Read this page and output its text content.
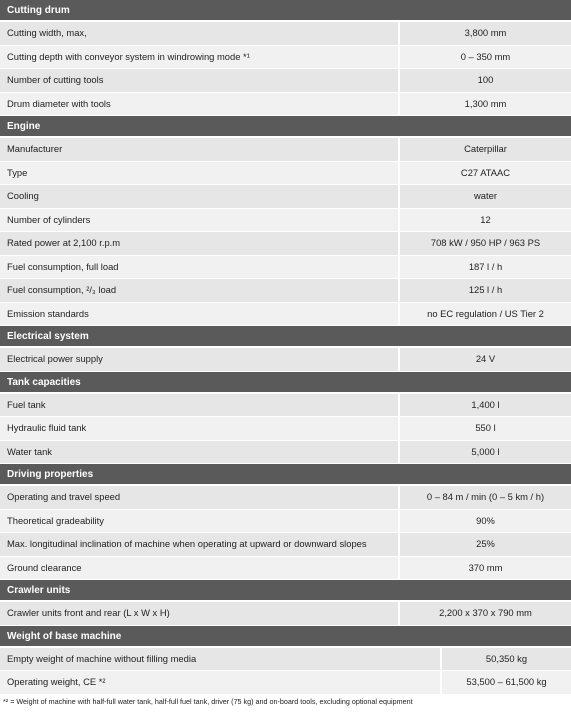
Cutting drum
Cutting width, max,	3,800 mm
Cutting depth with conveyor system in windrowing mode *¹	0 – 350 mm
Number of cutting tools	100
Drum diameter with tools	1,300 mm
Engine
Manufacturer	Caterpillar
Type	C27 ATAAC
Cooling	water
Number of cylinders	12
Rated power at 2,100 r.p.m	708 kW / 950 HP / 963 PS
Fuel consumption, full load	187 l / h
Fuel consumption, ²/₃ load	125 l / h
Emission standards	no EC regulation / US Tier 2
Electrical system
Electrical power supply	24 V
Tank capacities
Fuel tank	1,400 l
Hydraulic fluid tank	550 l
Water tank	5,000 l
Driving properties
Operating and travel speed	0 – 84 m / min (0 – 5 km / h)
Theoretical gradeability	90%
Max. longitudinal inclination of machine when operating at upward or downward slopes	25%
Ground clearance	370 mm
Crawler units
Crawler units front and rear (L x W x H)	2,200 x 370 x 790 mm
Weight of base machine
Empty weight of machine without filling media	50,350 kg
Operating weight, CE *²	53,500 – 61,500 kg
*² = Weight of machine with half-full water tank, half-full fuel tank, driver (75 kg) and on-board tools, excluding optional equipment
